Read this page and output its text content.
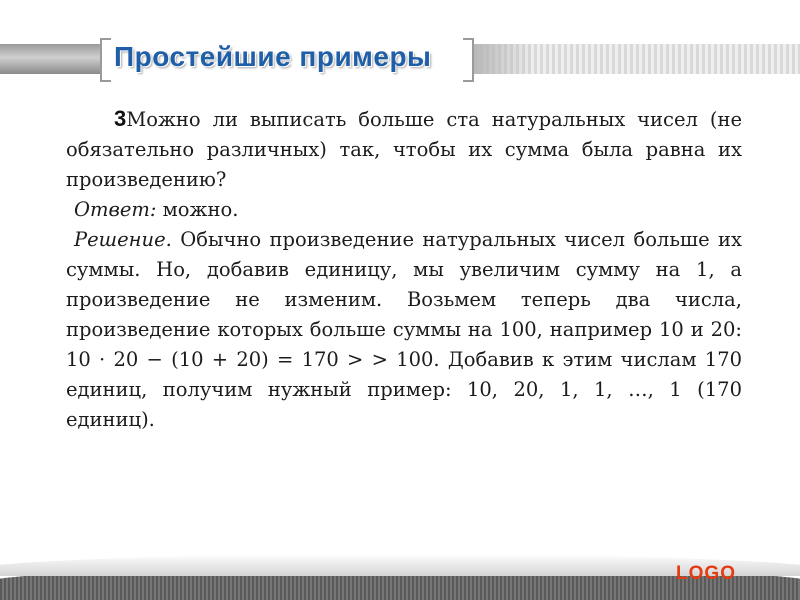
Простейшие примеры

3Можно ли выписать больше ста натуральных чисел (не обязательно различных) так, чтобы их сумма была равна их произведению?

Ответ: можно.

Решение. Обычно произведение натуральных чисел больше их суммы. Но, добавив единицу, мы увеличим сумму на 1, а произведение не изменим. Возьмем теперь два числа, произведение которых больше суммы на 100, например 10 и 20: 10 · 20 − (10 + 20) = 170 > > 100. Добавив к этим числам 170 единиц, получим нужный пример: 10, 20, 1, 1, …, 1 (170 единиц).

LOGO
